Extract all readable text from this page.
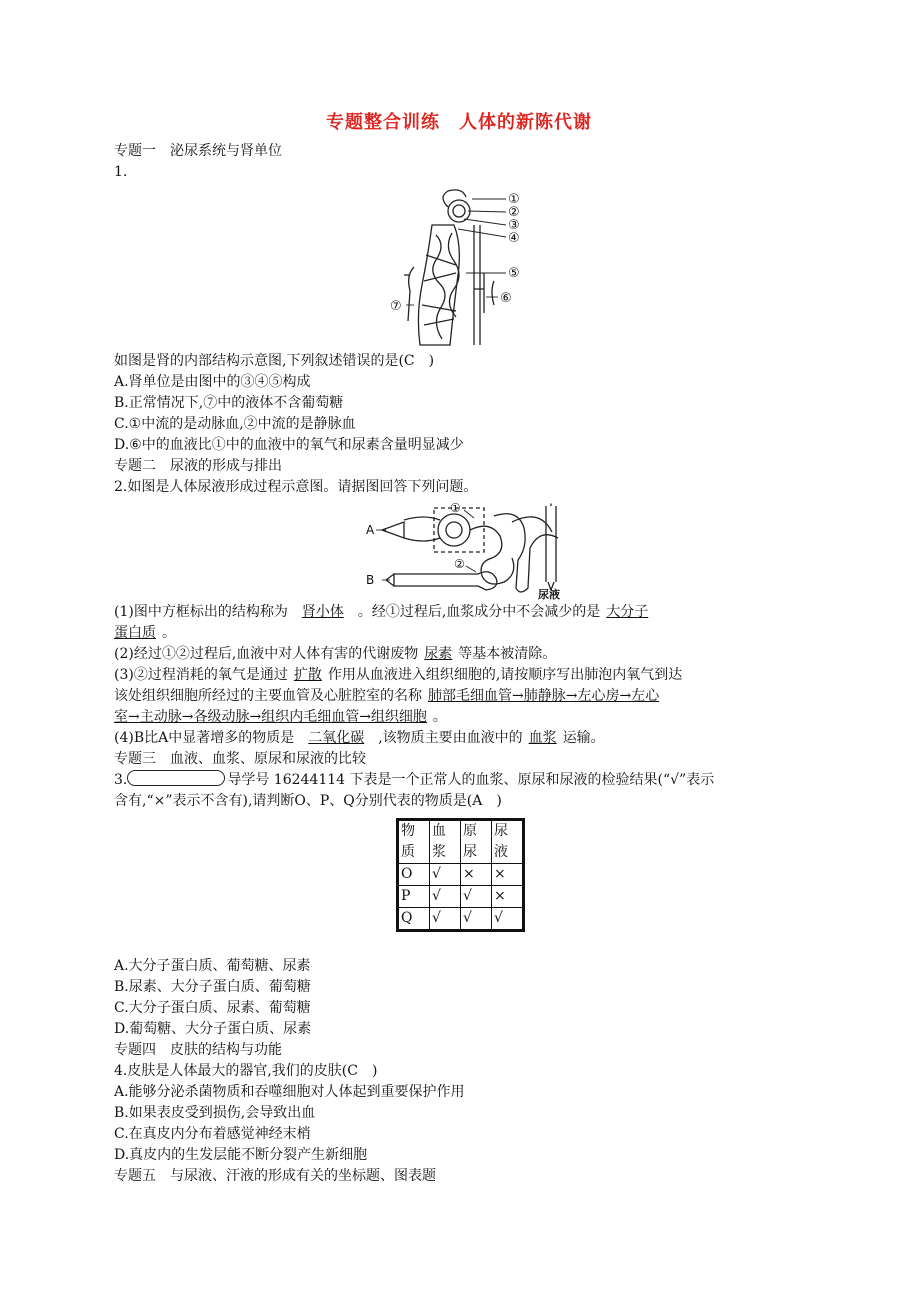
专题整合训练　人体的新陈代谢
专题一　泌尿系统与肾单位
1.
①
②
③
④
⑤
⑥
⑦
如图是肾的内部结构示意图,下列叙述错误的是(C　)
A.肾单位是由图中的③④⑤构成
B.正常情况下,⑦中的液体不含葡萄糖
C.①中流的是动脉血,②中流的是静脉血
D.⑥中的血液比①中的血液中的氧气和尿素含量明显减少
专题二　尿液的形成与排出
2.如图是人体尿液形成过程示意图。请据图回答下列问题。
A
B
①
②
尿液
(1)图中方框标出的结构称为 肾小体 。经①过程后,血浆成分中不会减少的是 大分子
蛋白质 。
(2)经过①②过程后,血液中对人体有害的代谢废物 尿素 等基本被清除。
(3)②过程消耗的氧气是通过 扩散 作用从血液进入组织细胞的,请按顺序写出肺泡内氧气到达
该处组织细胞所经过的主要血管及心脏腔室的名称 肺部毛细血管→肺静脉→左心房→左心
室→主动脉→各级动脉→组织内毛细血管→组织细胞 。
(4)B比A中显著增多的物质是 二氧化碳 ,该物质主要由血液中的 血浆 运输。
专题三　血液、血浆、原尿和尿液的比较
3.	导学号 16244114 下表是一个正常人的血浆、原尿和尿液的检验结果(“√”表示
含有,“×”表示不含有),请判断O、P、Q分别代表的物质是(A　)
物质	血浆	原尿	尿液
O	√	×	×
P	√	√	×
Q	√	√	√
A.大分子蛋白质、葡萄糖、尿素
B.尿素、大分子蛋白质、葡萄糖
C.大分子蛋白质、尿素、葡萄糖
D.葡萄糖、大分子蛋白质、尿素
专题四　皮肤的结构与功能
4.皮肤是人体最大的器官,我们的皮肤(C　)
A.能够分泌杀菌物质和吞噬细胞对人体起到重要保护作用
B.如果表皮受到损伤,会导致出血
C.在真皮内分布着感觉神经末梢
D.真皮内的生发层能不断分裂产生新细胞
专题五　与尿液、汗液的形成有关的坐标题、图表题
